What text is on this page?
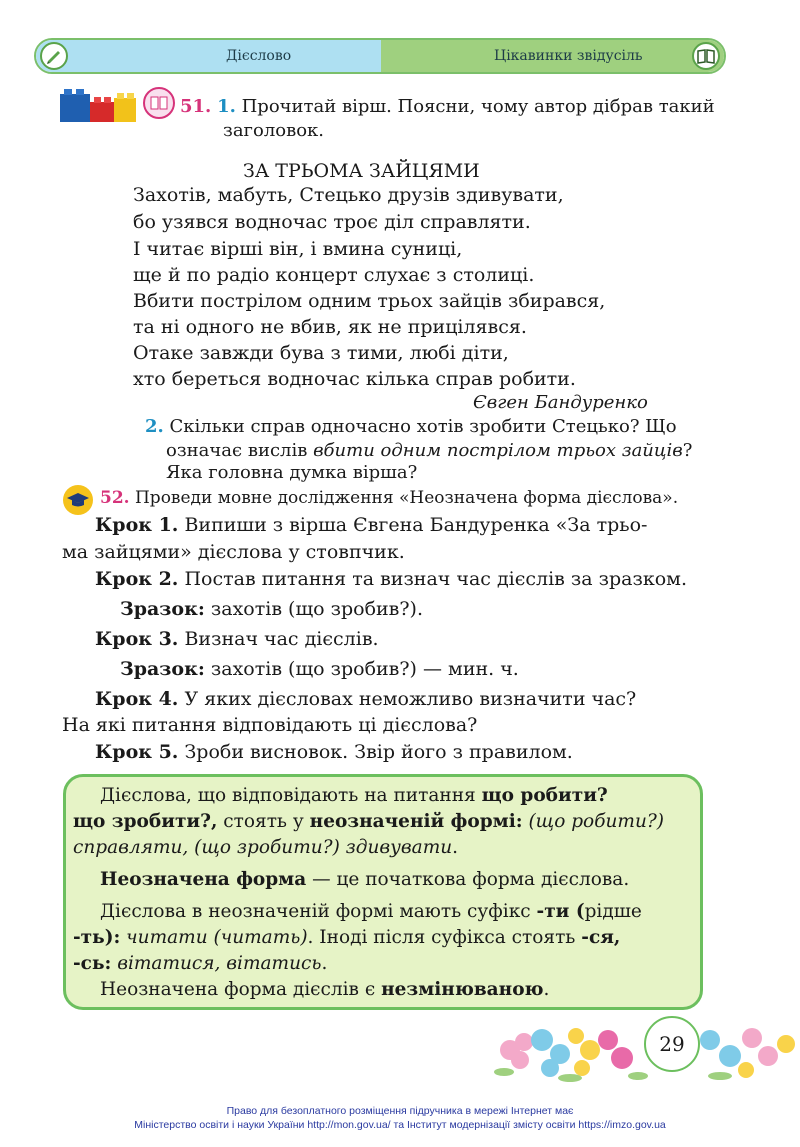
Дієслово	Цікавинки звідусіль
51. 1. Прочитай вірш. Поясни, чому автор дібрав такий
заголовок.
ЗА ТРЬОМА ЗАЙЦЯМИ
Захотів, мабуть, Стецько друзів здивувати,
бо узявся водночас троє діл справляти.
І читає вірші він, і вмина суниці,
ще й по радіо концерт слухає з столиці.
Вбити пострілом одним трьох зайців збирався,
та ні одного не вбив, як не прицілявся.
Отаке завжди бува з тими, любі діти,
хто береться водночас кілька справ робити.
Євген Бандуренко
2. Скільки справ одночасно хотів зробити Стецько? Що
означає вислів вбити одним пострілом трьох зайців?
Яка головна думка вірша?
52. Проведи мовне дослідження «Неозначена форма дієслова».
Крок 1. Випиши з вірша Євгена Бандуренка «За трьо-
ма зайцями» дієслова у стовпчик.
Крок 2. Постав питання та визнач час дієслів за зразком.
Зразок: захотів (що зробив?).
Крок 3. Визнач час дієслів.
Зразок: захотів (що зробив?) — мин. ч.
Крок 4. У яких дієсловах неможливо визначити час?
На які питання відповідають ці дієслова?
Крок 5. Зроби висновок. Звір його з правилом.
Дієслова, що відповідають на питання що робити?
що зробити?, стоять у неозначеній формі: (що робити?)
справляти, (що зробити?) здивувати.
Неозначена форма — це початкова форма дієслова.
Дієслова в неозначеній формі мають суфікс -ти (рідше
-ть): читати (читать). Іноді після суфікса стоять -ся,
-сь: вітатися, вітатись.
Неозначена форма дієслів є незмінюваною.
29
Право для безоплатного розміщення підручника в мережі Інтернет має
Міністерство освіти і науки України http://mon.gov.ua/ та Інститут модернізації змісту освіти https://imzo.gov.ua
